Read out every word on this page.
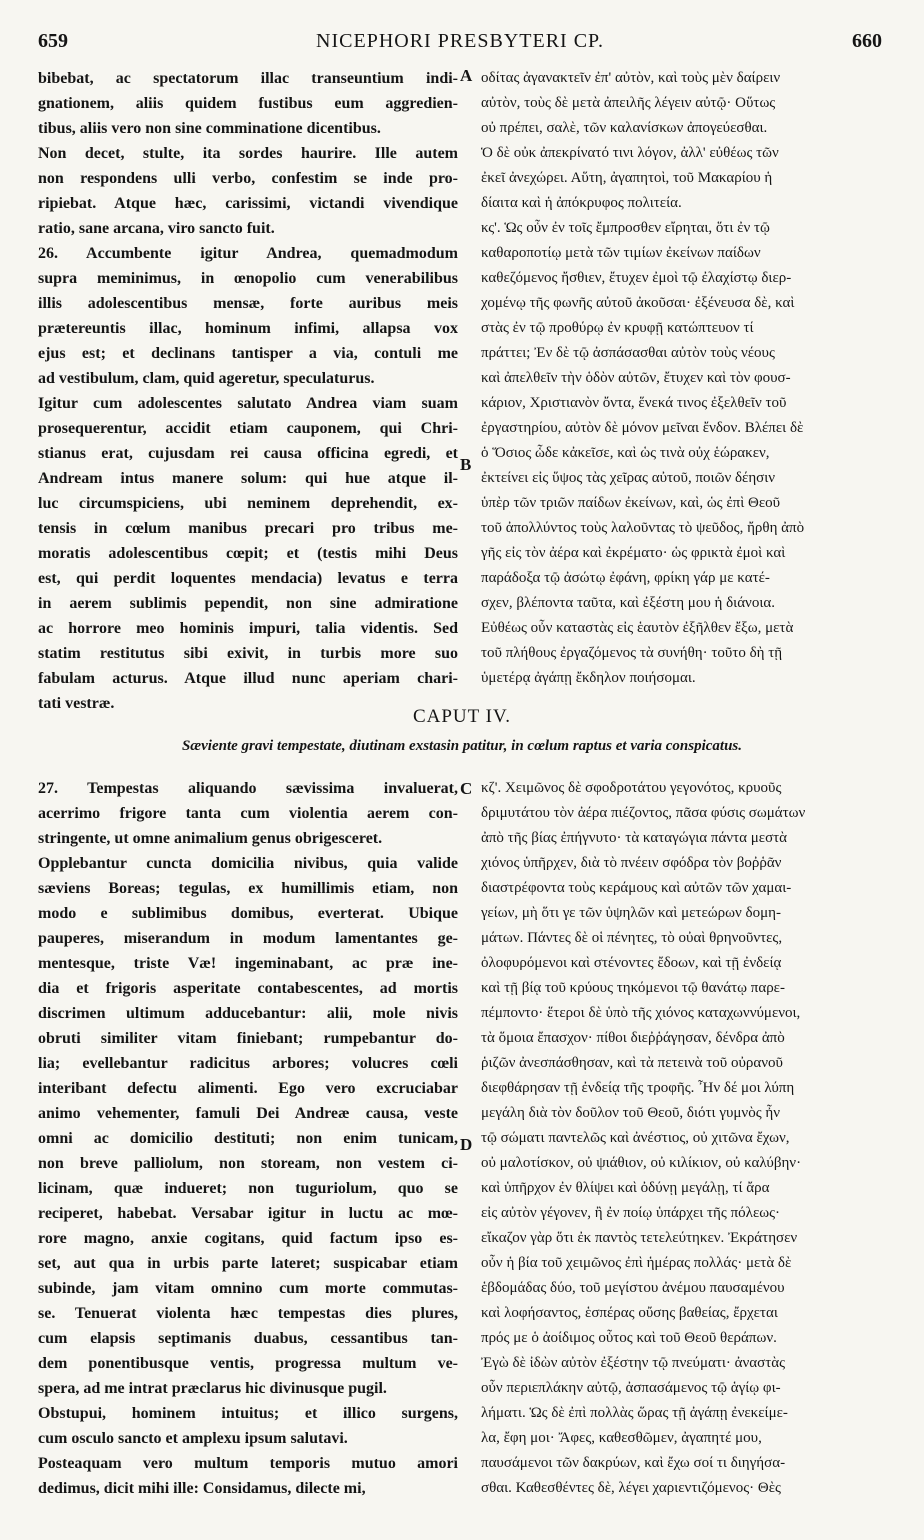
659	NICEPHORI PRESBYTERI CP.	660
bibebat, ac spectatorum illac transeuntium indi-
gnationem, aliis quidem fustibus eum aggredien-
tibus, aliis vero non sine comminatione dicentibus.
Non decet, stulte, ita sordes haurire. Ille autem
non respondens ulli verbo, confestim se inde pro-
ripiebat. Atque hæc, carissimi, victandi vivendique
ratio, sane arcana, viro sancto fuit.
26. Accumbente igitur Andrea, quemadmodum
supra meminimus, in œnopolio cum venerabilibus
illis adolescentibus mensæ, forte auribus meis
prætereuntis illac, hominum infimi, allapsa vox
ejus est; et declinans tantisper a via, contuli me
ad vestibulum, clam, quid ageretur, speculaturus.
Igitur cum adolescentes salutato Andrea viam suam
prosequerentur, accidit etiam cauponem, qui Chri-
stianus erat, cujusdam rei causa officina egredi, et
Andream intus manere solum: qui hue atque il-
luc circumspiciens, ubi neminem deprehendit, ex-
tensis in cœlum manibus precari pro tribus me-
moratis adolescentibus cœpit; et (testis mihi Deus
est, qui perdit loquentes mendacia) levatus e terra
in aerem sublimis pependit, non sine admiratione
ac horrore meo hominis impuri, talia videntis. Sed
statim restitutus sibi exivit, in turbis more suo
fabulam acturus. Atque illud nunc aperiam chari-
tati vestræ.
οδίτας ἀγανακτεῖν ἐπ' αὐτὸν, καὶ τοὺς μὲν δαίρειν
αὐτὸν, τοὺς δὲ μετὰ ἀπειλῆς λέγειν αὐτῷ· Οὕτως
οὐ πρέπει, σαλὲ, τῶν καλανίσκων ἀπογεύεσθαι.
Ὁ δὲ οὐκ ἀπεκρίνατό τινι λόγον, ἀλλ' εὐθέως τῶν
ἐκεῖ ἀνεχώρει. Αὕτη, ἀγαπητοὶ, τοῦ Μακαρίου ἡ
δίαιτα καὶ ἡ ἀπόκρυφος πολιτεία.
κς'. Ὡς οὖν ἐν τοῖς ἔμπροσθεν εἴρηται, ὅτι ἐν τῷ
καθαροποτίῳ μετὰ τῶν τιμίων ἐκείνων παίδων
καθεζόμενος ἤσθιεν, ἔτυχεν ἐμοὶ τῷ ἐλαχίστῳ διερ-
χομένῳ τῆς φωνῆς αὐτοῦ ἀκοῦσαι· ἐξένευσα δὲ, καὶ
στὰς ἐν τῷ προθύρῳ ἐν κρυφῇ κατώπτευον τί
πράττει; Ἐν δὲ τῷ ἀσπάσασθαι αὐτὸν τοὺς νέους
καὶ ἀπελθεῖν τὴν ὁδὸν αὐτῶν, ἔτυχεν καὶ τὸν φουσ-
κάριον, Χριστιανὸν ὄντα, ἕνεκά τινος ἐξελθεῖν τοῦ
ἐργαστηρίου, αὐτὸν δὲ μόνον μεῖναι ἔνδον. Βλέπει δὲ
ὁ Ὅσιος ὧδε κἀκεῖσε, καὶ ὡς τινὰ οὐχ ἑώρακεν,
ἐκτείνει εἰς ὕψος τὰς χεῖρας αὐτοῦ, ποιῶν δέησιν
ὑπὲρ τῶν τριῶν παίδων ἐκείνων, καὶ, ὡς ἐπὶ Θεοῦ
τοῦ ἀπολλύντος τοὺς λαλοῦντας τὸ ψεῦδος, ἤρθη ἀπὸ
γῆς εἰς τὸν ἀέρα καὶ ἐκρέματο· ὡς φρικτὰ ἐμοὶ καὶ
παράδοξα τῷ ἀσώτῳ ἐφάνη, φρίκη γάρ με κατέ-
σχεν, βλέποντα ταῦτα, καὶ ἐξέστη μου ἡ διάνοια.
Εὐθέως οὖν καταστὰς εἰς ἑαυτὸν ἐξῆλθεν ἔξω, μετὰ
τοῦ πλήθους ἐργαζόμενος τὰ συνήθη· τοῦτο δὴ τῇ
ὑμετέρᾳ ἀγάπῃ ἔκδηλον ποιήσομαι.
A
B
CAPUT IV.
Sæviente gravi tempestate, diutinam exstasin patitur, in cœlum raptus et varia conspicatus.
27. Tempestas aliquando sævissima invaluerat,
acerrimo frigore tanta cum violentia aerem con-
stringente, ut omne animalium genus obrigesceret.
Opplebantur cuncta domicilia nivibus, quia valide
sæviens Boreas; tegulas, ex humillimis etiam, non
modo e sublimibus domibus, everterat. Ubique
pauperes, miserandum in modum lamentantes ge-
mentesque, triste Væ! ingeminabant, ac præ ine-
dia et frigoris asperitate contabescentes, ad mortis
discrimen ultimum adducebantur: alii, mole nivis
obruti similiter vitam finiebant; rumpebantur do-
lia; evellebantur radicitus arbores; volucres cœli
interibant defectu alimenti. Ego vero excruciabar
animo vehementer, famuli Dei Andreæ causa, veste
omni ac domicilio destituti; non enim tunicam,
non breve palliolum, non stoream, non vestem ci-
licinam, quæ indueret; non tuguriolum, quo se
reciperet, habebat. Versabar igitur in luctu ac mœ-
rore magno, anxie cogitans, quid factum ipso es-
set, aut qua in urbis parte lateret; suspicabar etiam
subinde, jam vitam omnino cum morte commutas-
se. Tenuerat violenta hæc tempestas dies plures,
cum elapsis septimanis duabus, cessantibus tan-
dem ponentibusque ventis, progressa multum ve-
spera, ad me intrat præclarus hic divinusque pugil.
Obstupui, hominem intuitus; et illico surgens,
cum osculo sancto et amplexu ipsum salutavi.
Posteaquam vero multum temporis mutuo amori
dedimus, dicit mihi ille: Considamus, dilecte mi,
κζ'. Χειμῶνος δὲ σφοδροτάτου γεγονότος, κρυοῦς
δριμυτάτου τὸν ἀέρα πιέζοντος, πᾶσα φύσις σωμάτων
ἀπὸ τῆς βίας ἐπήγνυτο· τὰ καταγώγια πάντα μεστὰ
χιόνος ὑπῆρχεν, διὰ τὸ πνέειν σφόδρα τὸν βοῤῥᾶν
διαστρέφοντα τοὺς κεράμους καὶ αὐτῶν τῶν χαμαι-
γείων, μὴ ὅτι γε τῶν ὑψηλῶν καὶ μετεώρων δομη-
μάτων. Πάντες δὲ οἱ πένητες, τὸ οὐαὶ θρηνοῦντες,
ὀλοφυρόμενοι καὶ στένοντες ἔδοων, καὶ τῇ ἐνδείᾳ
καὶ τῇ βίᾳ τοῦ κρύους τηκόμενοι τῷ θανάτῳ παρε-
πέμποντο· ἕτεροι δὲ ὑπὸ τῆς χιόνος καταχωννύμενοι,
τὰ ὅμοια ἔπασχον· πίθοι διεῤῥάγησαν, δένδρα ἀπὸ
ῥιζῶν ἀνεσπάσθησαν, καὶ τὰ πετεινὰ τοῦ οὐρανοῦ
διεφθάρησαν τῇ ἐνδείᾳ τῆς τροφῆς. Ἦν δέ μοι λύπη
μεγάλη διὰ τὸν δοῦλον τοῦ Θεοῦ, διότι γυμνὸς ἦν
τῷ σώματι παντελῶς καὶ ἀνέστιος, οὐ χιτῶνα ἔχων,
οὐ μαλοτίσκον, οὐ ψιάθιον, οὐ κιλίκιον, οὐ καλύβην·
καὶ ὑπῆρχον ἐν θλίψει καὶ ὀδύνῃ μεγάλῃ, τί ἄρα
εἰς αὐτὸν γέγονεν, ἢ ἐν ποίῳ ὑπάρχει τῆς πόλεως·
εἴκαζον γὰρ ὅτι ἐκ παντὸς τετελεύτηκεν. Ἐκράτησεν
οὖν ἡ βία τοῦ χειμῶνος ἐπὶ ἡμέρας πολλάς· μετὰ δὲ
ἑβδομάδας δύο, τοῦ μεγίστου ἀνέμου παυσαμένου
καὶ λοφήσαντος, ἑσπέρας οὔσης βαθείας, ἔρχεται
πρός με ὁ ἀοίδιμος οὗτος καὶ τοῦ Θεοῦ θεράπων.
Ἐγὼ δὲ ἰδὼν αὐτὸν ἐξέστην τῷ πνεύματι· ἀναστὰς
οὖν περιεπλάκην αὐτῷ, ἀσπασάμενος τῷ ἁγίῳ φι-
λήματι. Ὡς δὲ ἐπὶ πολλὰς ὥρας τῇ ἀγάπῃ ἐνεκείμε-
λα, ἔφη μοι· Ἄφες, καθεσθῶμεν, ἀγαπητέ μου,
παυσάμενοι τῶν δακρύων, καὶ ἔχω σοί τι διηγήσα-
σθαι. Καθεσθέντες δὲ, λέγει χαριεντιζόμενος· Θὲς
C
D
